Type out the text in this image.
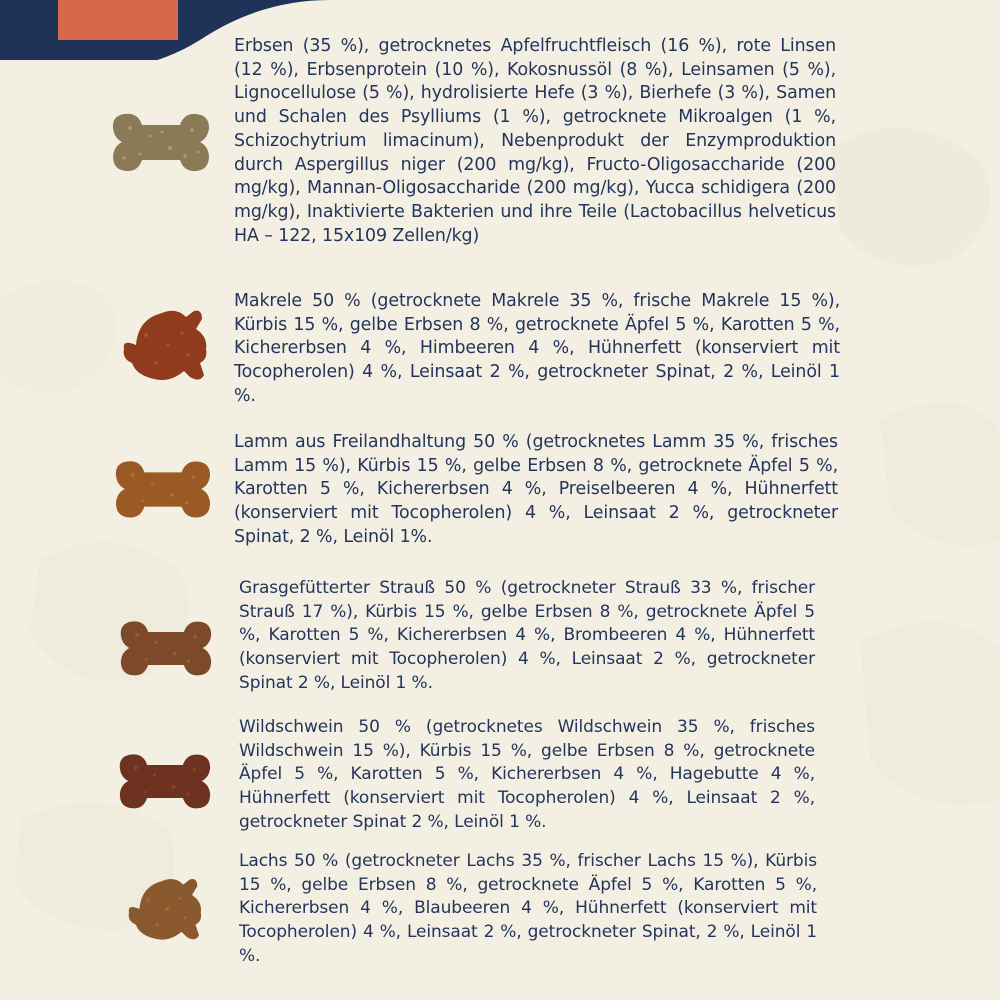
Erbsen (35 %), getrocknetes Apfelfruchtfleisch (16 %), rote Linsen (12 %), Erbsenprotein (10 %), Kokosnussöl (8 %), Leinsamen (5 %), Lignocellulose (5 %), hydrolisierte Hefe (3 %), Bierhefe (3 %), Samen und Schalen des Psylliums (1 %), getrocknete Mikroalgen (1 %, Schizochytrium limacinum), Nebenprodukt der Enzymproduktion durch Aspergillus niger (200 mg/kg), Fructo-Oligosaccharide (200 mg/kg), Mannan-Oligosaccharide (200 mg/kg), Yucca schidigera (200 mg/kg), Inaktivierte Bakterien und ihre Teile (Lactobacillus helveticus HA – 122, 15x109 Zellen/kg)
Makrele 50 % (getrocknete Makrele 35 %, frische Makrele 15 %), Kürbis 15 %, gelbe Erbsen 8 %, getrocknete Äpfel 5 %, Karotten 5 %, Kichererbsen 4 %, Himbeeren 4 %, Hühnerfett (konserviert mit Tocopherolen) 4 %, Leinsaat 2 %, getrockneter Spinat, 2 %, Leinöl 1 %.
Lamm aus Freilandhaltung 50 % (getrocknetes Lamm 35 %, frisches Lamm 15 %), Kürbis 15 %, gelbe Erbsen 8 %, getrocknete Äpfel 5 %, Karotten 5 %, Kichererbsen 4 %, Preiselbeeren 4 %, Hühnerfett (konserviert mit Tocopherolen) 4 %, Leinsaat 2 %, getrockneter Spinat, 2 %, Leinöl 1%.
Grasgefütterter Strauß 50 % (getrockneter Strauß 33 %, frischer Strauß 17 %), Kürbis 15 %, gelbe Erbsen 8 %, getrocknete Äpfel 5 %, Karotten 5 %, Kichererbsen 4 %, Brombeeren 4 %, Hühnerfett (konserviert mit Tocopherolen) 4 %, Leinsaat 2 %, getrockneter Spinat 2 %, Leinöl 1 %.
Wildschwein 50 % (getrocknetes Wildschwein 35 %, frisches Wildschwein 15 %), Kürbis 15 %, gelbe Erbsen 8 %, getrocknete Äpfel 5 %, Karotten 5 %, Kichererbsen 4 %, Hagebutte 4 %, Hühnerfett (konserviert mit Tocopherolen) 4 %, Leinsaat 2 %, getrockneter Spinat 2 %, Leinöl 1 %.
Lachs 50 % (getrockneter Lachs 35 %, frischer Lachs 15 %), Kürbis 15 %, gelbe Erbsen 8 %, getrocknete Äpfel 5 %, Karotten 5 %, Kichererbsen 4 %, Blaubeeren 4 %, Hühnerfett (konserviert mit Tocopherolen) 4 %, Leinsaat 2 %, getrockneter Spinat, 2 %, Leinöl 1 %.
